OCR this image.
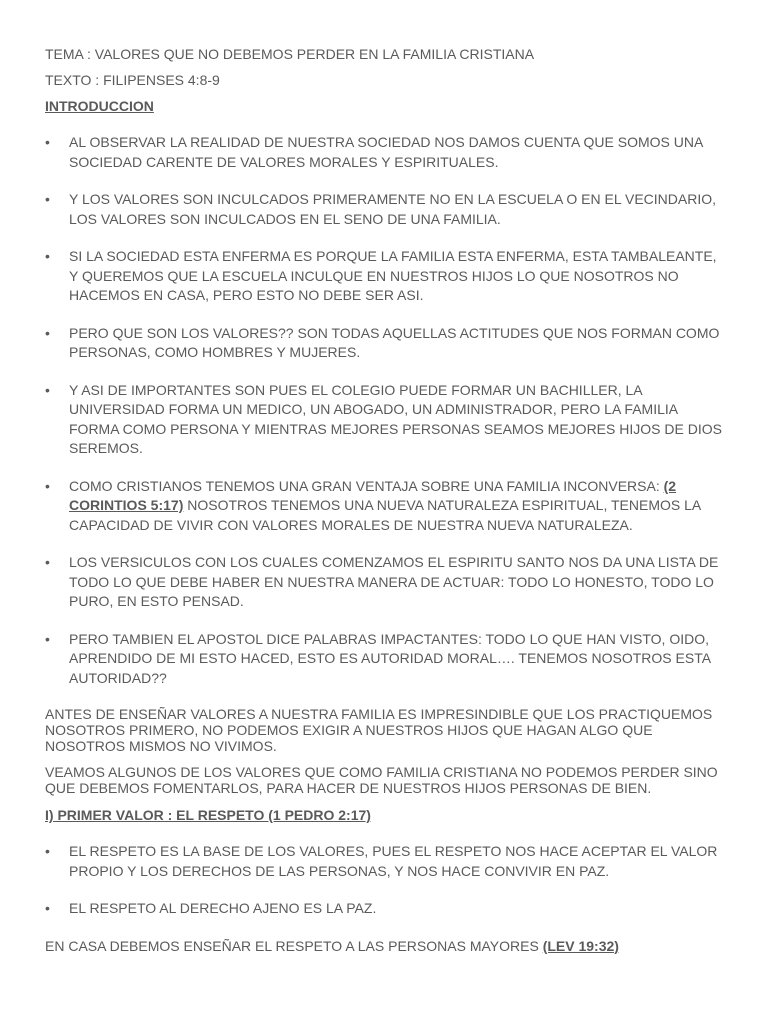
TEMA : VALORES QUE NO DEBEMOS PERDER EN LA FAMILIA CRISTIANA

TEXTO : FILIPENSES 4:8-9

INTRODUCCION

• AL OBSERVAR LA REALIDAD DE NUESTRA SOCIEDAD NOS DAMOS CUENTA QUE SOMOS UNA SOCIEDAD CARENTE DE VALORES MORALES Y ESPIRITUALES.
• Y LOS VALORES SON INCULCADOS PRIMERAMENTE NO EN LA ESCUELA O EN EL VECINDARIO, LOS VALORES SON INCULCADOS EN EL SENO DE UNA FAMILIA.
• SI LA SOCIEDAD ESTA ENFERMA ES PORQUE LA FAMILIA ESTA ENFERMA, ESTA TAMBALEANTE, Y QUEREMOS QUE LA ESCUELA INCULQUE EN NUESTROS HIJOS LO QUE NOSOTROS NO HACEMOS EN CASA, PERO ESTO NO DEBE SER ASI.
• PERO QUE SON LOS VALORES?? SON TODAS AQUELLAS ACTITUDES QUE NOS FORMAN COMO PERSONAS, COMO HOMBRES Y MUJERES.
• Y ASI DE IMPORTANTES SON PUES EL COLEGIO PUEDE FORMAR UN BACHILLER, LA UNIVERSIDAD FORMA UN MEDICO, UN ABOGADO, UN ADMINISTRADOR, PERO LA FAMILIA FORMA COMO PERSONA Y MIENTRAS MEJORES PERSONAS SEAMOS MEJORES HIJOS DE DIOS SEREMOS.
• COMO CRISTIANOS TENEMOS UNA GRAN VENTAJA SOBRE UNA FAMILIA INCONVERSA: (2 CORINTIOS 5:17) NOSOTROS TENEMOS UNA NUEVA NATURALEZA ESPIRITUAL, TENEMOS LA CAPACIDAD DE VIVIR CON VALORES MORALES DE NUESTRA NUEVA NATURALEZA.
• LOS VERSICULOS CON LOS CUALES COMENZAMOS EL ESPIRITU SANTO NOS DA UNA LISTA DE TODO LO QUE DEBE HABER EN NUESTRA MANERA DE ACTUAR: TODO LO HONESTO, TODO LO PURO, EN ESTO PENSAD.
• PERO TAMBIEN EL APOSTOL DICE PALABRAS IMPACTANTES: TODO LO QUE HAN VISTO, OIDO, APRENDIDO DE MI ESTO HACED, ESTO ES AUTORIDAD MORAL…. TENEMOS NOSOTROS ESTA AUTORIDAD??

ANTES DE ENSEÑAR VALORES A NUESTRA FAMILIA ES IMPRESINDIBLE QUE LOS PRACTIQUEMOS NOSOTROS PRIMERO, NO PODEMOS EXIGIR A NUESTROS HIJOS QUE HAGAN ALGO QUE NOSOTROS MISMOS NO VIVIMOS.

VEAMOS ALGUNOS DE LOS VALORES QUE COMO FAMILIA CRISTIANA NO PODEMOS PERDER SINO QUE DEBEMOS FOMENTARLOS, PARA HACER DE NUESTROS HIJOS PERSONAS DE BIEN.

I) PRIMER VALOR : EL RESPETO (1 PEDRO 2:17)

• EL RESPETO ES LA BASE DE LOS VALORES, PUES EL RESPETO NOS HACE ACEPTAR EL VALOR PROPIO Y LOS DERECHOS DE LAS PERSONAS, Y NOS HACE CONVIVIR EN PAZ.
• EL RESPETO AL DERECHO AJENO ES LA PAZ.

EN CASA DEBEMOS ENSEÑAR EL RESPETO A LAS PERSONAS MAYORES (LEV 19:32)
